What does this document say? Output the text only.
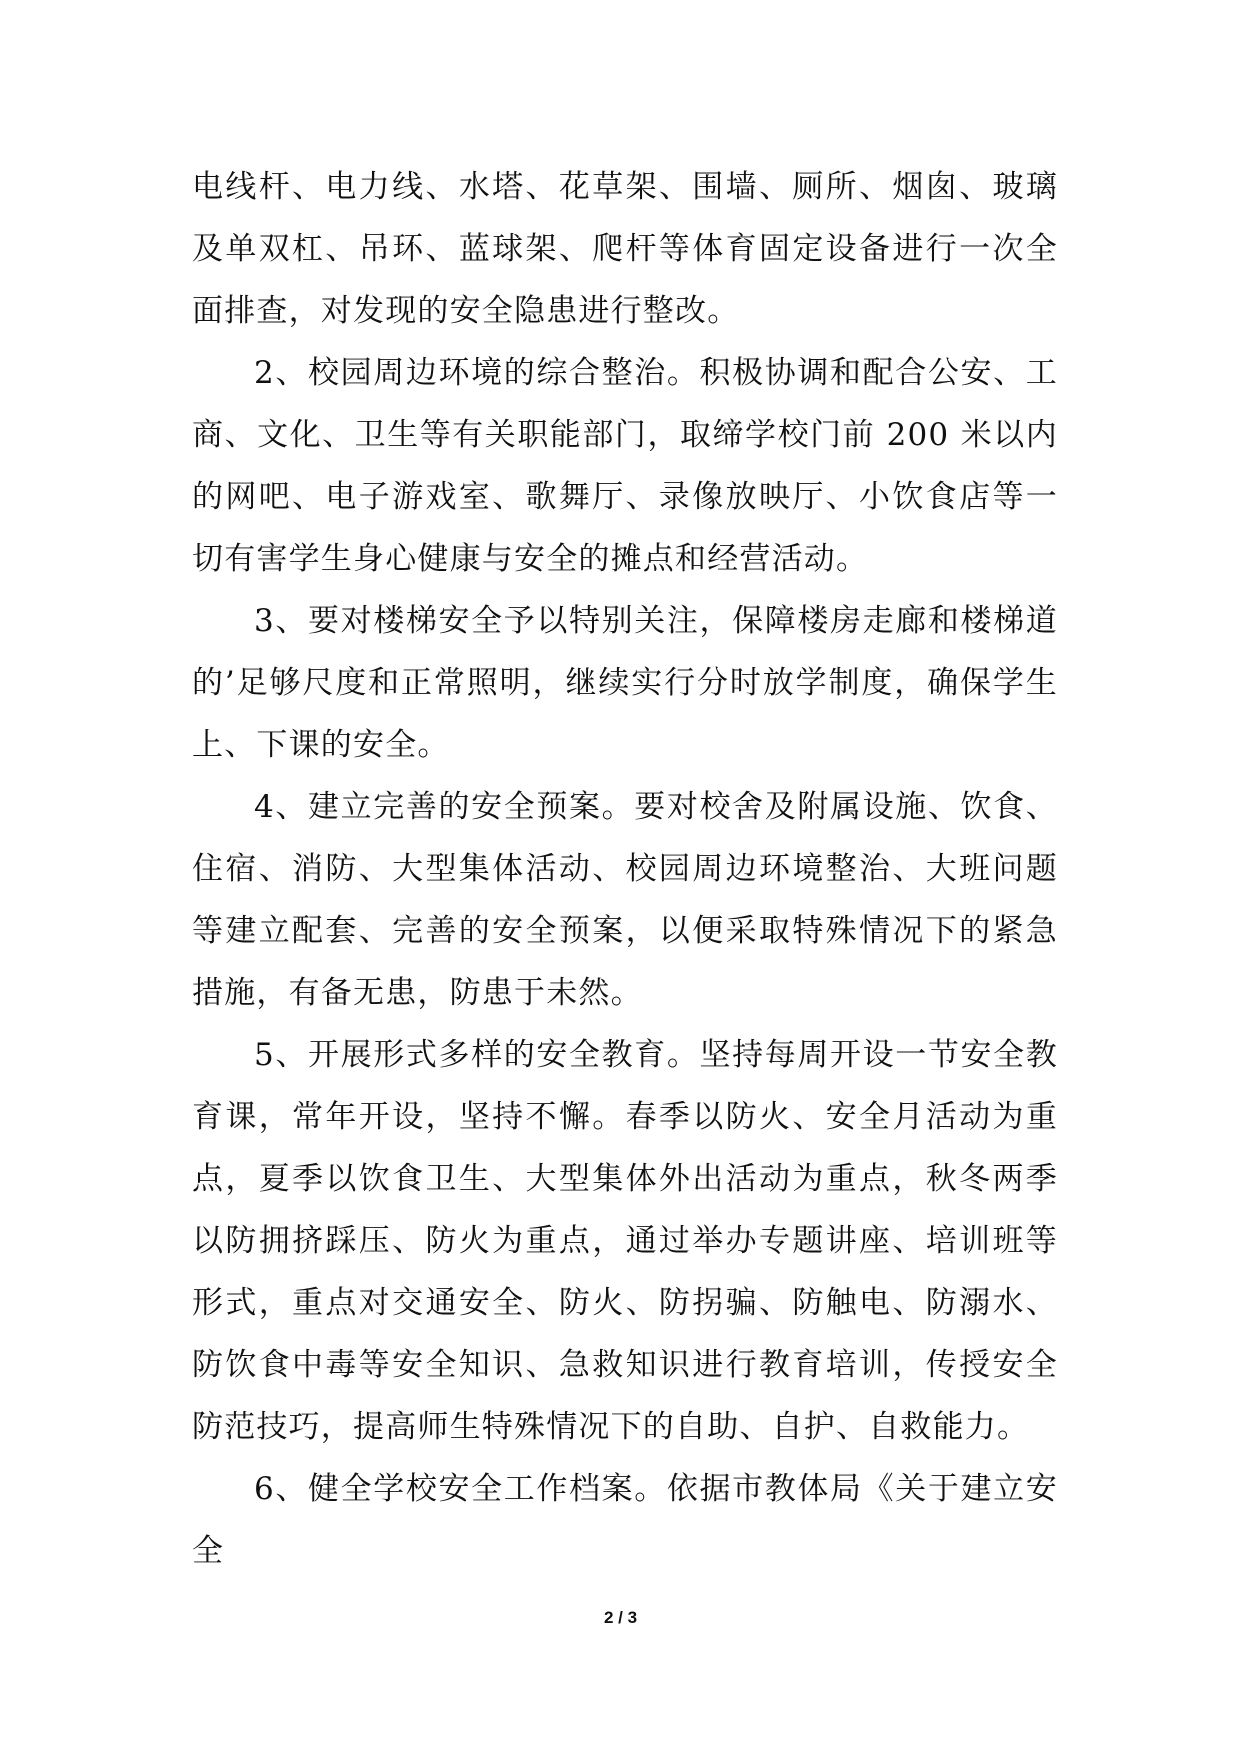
电线杆、电力线、水塔、花草架、围墙、厕所、烟囱、玻璃及单双杠、吊环、蓝球架、爬杆等体育固定设备进行一次全面排查，对发现的安全隐患进行整改。

2、校园周边环境的综合整治。积极协调和配合公安、工商、文化、卫生等有关职能部门，取缔学校门前 200 米以内的网吧、电子游戏室、歌舞厅、录像放映厅、小饮食店等一切有害学生身心健康与安全的摊点和经营活动。

3、要对楼梯安全予以特别关注，保障楼房走廊和楼梯道的’足够尺度和正常照明，继续实行分时放学制度，确保学生上、下课的安全。

4、建立完善的安全预案。要对校舍及附属设施、饮食、住宿、消防、大型集体活动、校园周边环境整治、大班问题等建立配套、完善的安全预案，以便采取特殊情况下的紧急措施，有备无患，防患于未然。

5、开展形式多样的安全教育。坚持每周开设一节安全教育课，常年开设，坚持不懈。春季以防火、安全月活动为重点，夏季以饮食卫生、大型集体外出活动为重点，秋冬两季以防拥挤踩压、防火为重点，通过举办专题讲座、培训班等形式，重点对交通安全、防火、防拐骗、防触电、防溺水、防饮食中毒等安全知识、急救知识进行教育培训，传授安全防范技巧，提高师生特殊情况下的自助、自护、自救能力。

6、健全学校安全工作档案。依据市教体局《关于建立安全

2 / 3
